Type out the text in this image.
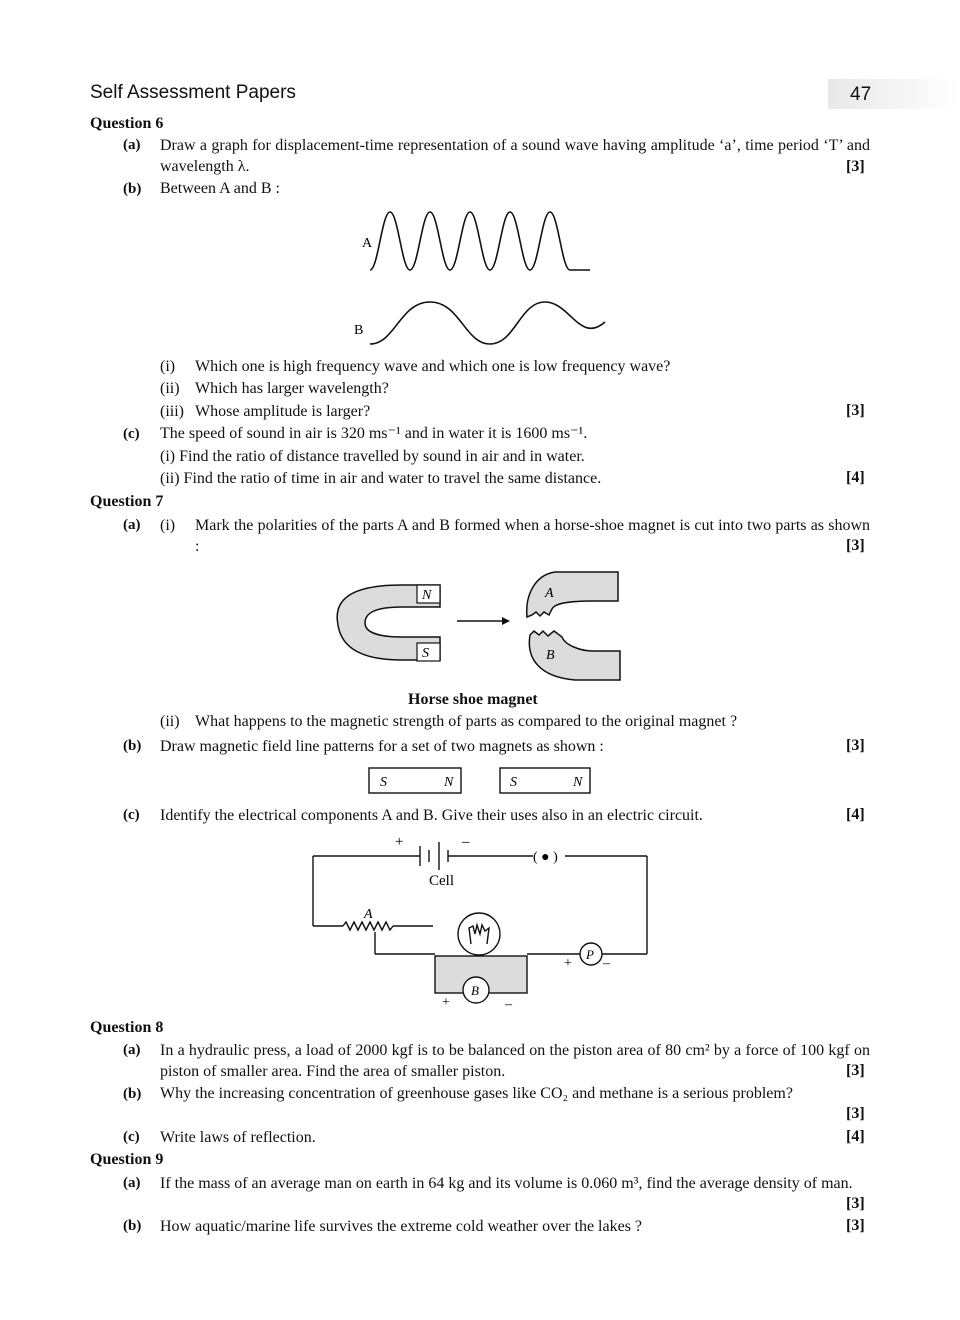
Self Assessment Papers	47
Question 6
(a) Draw a graph for displacement-time representation of a sound wave having amplitude ‘a’, time period ‘T’ and wavelength λ.	[3]
(b) Between A and B :
A
B
(i) Which one is high frequency wave and which one is low frequency wave?
(ii) Which has larger wavelength?
(iii) Whose amplitude is larger?	[3]
(c) The speed of sound in air is 320 ms⁻¹ and in water it is 1600 ms⁻¹.
(i) Find the ratio of distance travelled by sound in air and in water.
(ii) Find the ratio of time in air and water to travel the same distance.	[4]
Question 7
(a) (i) Mark the polarities of the parts A and B formed when a horse-shoe magnet is cut into two parts as shown :	[3]
N
S
A
B
Horse shoe magnet
(ii) What happens to the magnetic strength of parts as compared to the original magnet ?
(b) Draw magnetic field line patterns for a set of two magnets as shown :	[3]
S	N	S	N
(c) Identify the electrical components A and B. Give their uses also in an electric circuit.	[4]
+	–
( ● )
Cell
A
B
+	–
P
+ –
Question 8
(a) In a hydraulic press, a load of 2000 kgf is to be balanced on the piston area of 80 cm² by a force of 100 kgf on piston of smaller area. Find the area of smaller piston.	[3]
(b) Why the increasing concentration of greenhouse gases like CO₂ and methane is a serious problem?
[3]
(c) Write laws of reflection.	[4]
Question 9
(a) If the mass of an average man on earth in 64 kg and its volume is 0.060 m³, find the average density of man.
[3]
(b) How aquatic/marine life survives the extreme cold weather over the lakes ?	[3]
